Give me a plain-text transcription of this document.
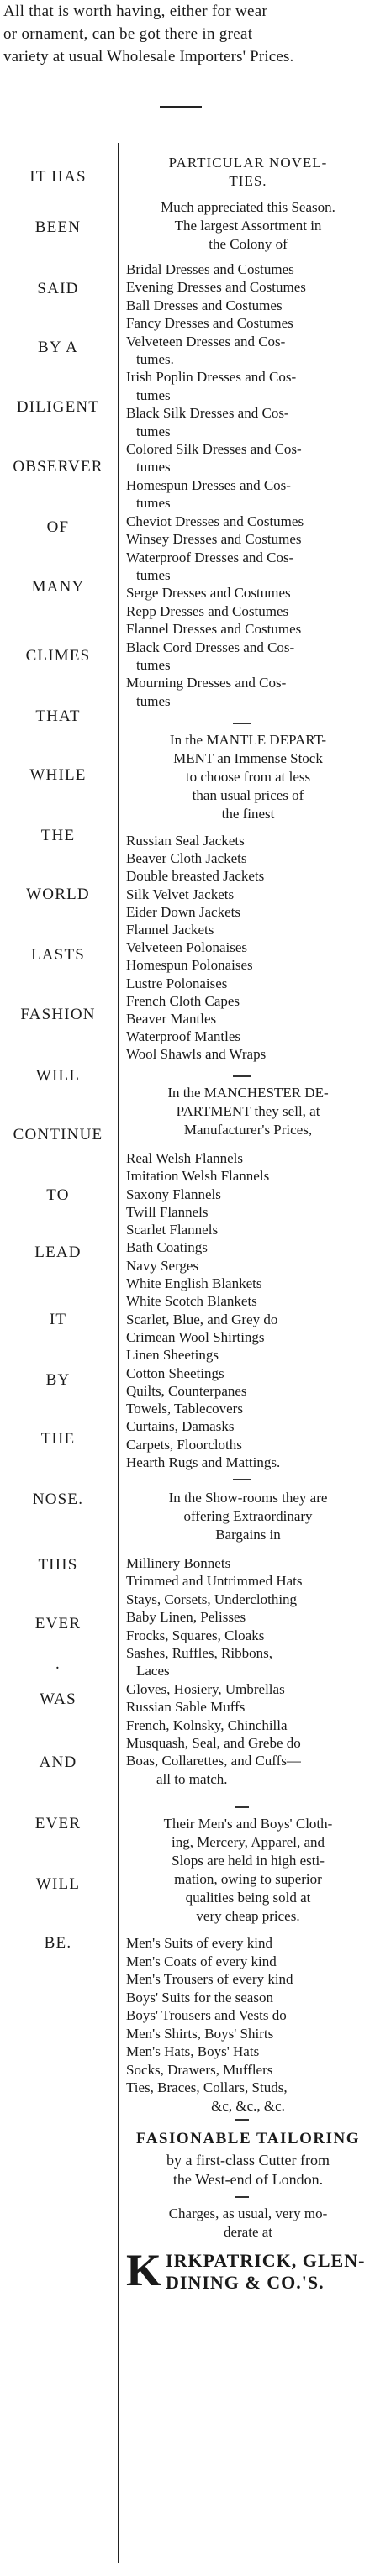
All that is worth having, either for wear
or ornament, can be got there in great
variety at usual Wholesale Importers' Prices.
IT HAS
BEEN
SAID
BY A
DILIGENT
OBSERVER
OF
MANY
CLIMES
THAT
WHILE
THE
WORLD
LASTS
FASHION
WILL
CONTINUE
TO
LEAD
IT
BY
THE
NOSE.
THIS
EVER
.
WAS
AND
EVER
WILL
BE.
PARTICULAR NOVEL-
TIES.
Much appreciated this Season.
The largest Assortment in
the Colony of
Bridal Dresses and Costumes
Evening Dresses and Costumes
Ball Dresses and Costumes
Fancy Dresses and Costumes
Velveteen Dresses and Cos-
tumes.
Irish Poplin Dresses and Cos-
tumes
Black Silk Dresses and Cos-
tumes
Colored Silk Dresses and Cos-
tumes
Homespun Dresses and Cos-
tumes
Cheviot Dresses and Costumes
Winsey Dresses and Costumes
Waterproof Dresses and Cos-
tumes
Serge Dresses and Costumes
Repp Dresses and Costumes
Flannel Dresses and Costumes
Black Cord Dresses and Cos-
tumes
Mourning Dresses and Cos-
tumes
In the MANTLE DEPART-
MENT an Immense Stock
to choose from at less
than usual prices of
the finest
Russian Seal Jackets
Beaver Cloth Jackets
Double breasted Jackets
Silk Velvet Jackets
Eider Down Jackets
Flannel Jackets
Velveteen Polonaises
Homespun Polonaises
Lustre Polonaises
French Cloth Capes
Beaver Mantles
Waterproof Mantles
Wool Shawls and Wraps
In the MANCHESTER DE-
PARTMENT they sell, at
Manufacturer's Prices,
Real Welsh Flannels
Imitation Welsh Flannels
Saxony Flannels
Twill Flannels
Scarlet Flannels
Bath Coatings
Navy Serges
White English Blankets
White Scotch Blankets
Scarlet, Blue, and Grey do
Crimean Wool Shirtings
Linen Sheetings
Cotton Sheetings
Quilts, Counterpanes
Towels, Tablecovers
Curtains, Damasks
Carpets, Floorcloths
Hearth Rugs and Mattings.
In the Show-rooms they are
offering Extraordinary
Bargains in
Millinery Bonnets
Trimmed and Untrimmed Hats
Stays, Corsets, Underclothing
Baby Linen, Pelisses
Frocks, Squares, Cloaks
Sashes, Ruffles, Ribbons,
Laces
Gloves, Hosiery, Umbrellas
Russian Sable Muffs
French, Kolnsky, Chinchilla
Musquash, Seal, and Grebe do
Boas, Collarettes, and Cuffs—
all to match.
Their Men's and Boys' Cloth-
ing, Mercery, Apparel, and
Slops are held in high esti-
mation, owing to superior
qualities being sold at
very cheap prices.
Men's Suits of every kind
Men's Coats of every kind
Men's Trousers of every kind
Boys' Suits for the season
Boys' Trousers and Vests do
Men's Shirts, Boys' Shirts
Men's Hats, Boys' Hats
Socks, Drawers, Mufflers
Ties, Braces, Collars, Studs,
&c, &c., &c.
FASIONABLE TAILORING
by a first-class Cutter from
the West-end of London.
Charges, as usual, very mo-
derate at
K IRKPATRICK, GLEN-
DINING & CO.'S.
